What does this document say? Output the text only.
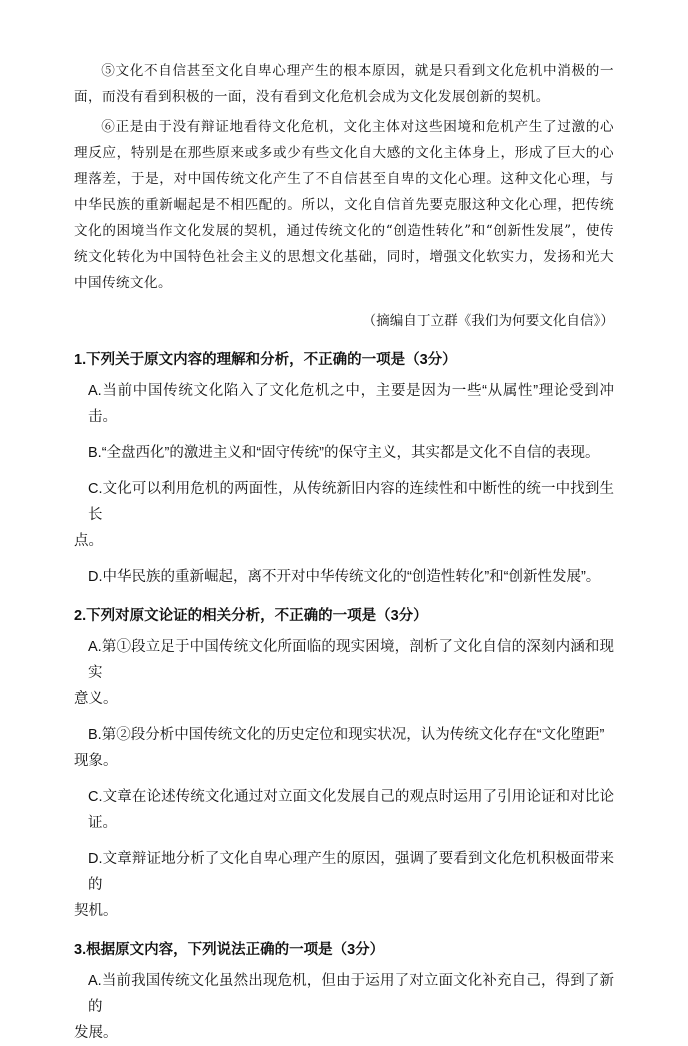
⑤文化不自信甚至文化自卑心理产生的根本原因，就是只看到文化危机中消极的一面，而没有看到积极的一面，没有看到文化危机会成为文化发展创新的契机。

⑥正是由于没有辩证地看待文化危机，文化主体对这些困境和危机产生了过激的心理反应，特别是在那些原来或多或少有些文化自大感的文化主体身上，形成了巨大的心理落差，于是，对中国传统文化产生了不自信甚至自卑的文化心理。这种文化心理，与中华民族的重新崛起是不相匹配的。所以，文化自信首先要克服这种文化心理，把传统文化的困境当作文化发展的契机，通过传统文化的“创造性转化”和“创新性发展”，使传统文化转化为中国特色社会主义的思想文化基础，同时，增强文化软实力，发扬和光大中国传统文化。

（摘编自丁立群《我们为何要文化自信》）

1.下列关于原文内容的理解和分析，不正确的一项是（3分）
A.当前中国传统文化陷入了文化危机之中，主要是因为一些“从属性”理论受到冲击。
B.“全盘西化”的激进主义和“固守传统”的保守主义，其实都是文化不自信的表现。
C.文化可以利用危机的两面性，从传统新旧内容的连续性和中断性的统一中找到生长
点。
D.中华民族的重新崛起，离不开对中华传统文化的“创造性转化”和“创新性发展”。
2.下列对原文论证的相关分析，不正确的一项是（3分）
A.第①段立足于中国传统文化所面临的现实困境，剖析了文化自信的深刻内涵和现实
意义。
B.第②段分析中国传统文化的历史定位和现实状况，认为传统文化存在“文化堕距”
现象。
C.文章在论述传统文化通过对立面文化发展自己的观点时运用了引用论证和对比论证。
D.文章辩证地分析了文化自卑心理产生的原因，强调了要看到文化危机积极面带来的
契机。
3.根据原文内容，下列说法正确的一项是（3分）
A.当前我国传统文化虽然出现危机，但由于运用了对立面文化补充自己，得到了新的
发展。
